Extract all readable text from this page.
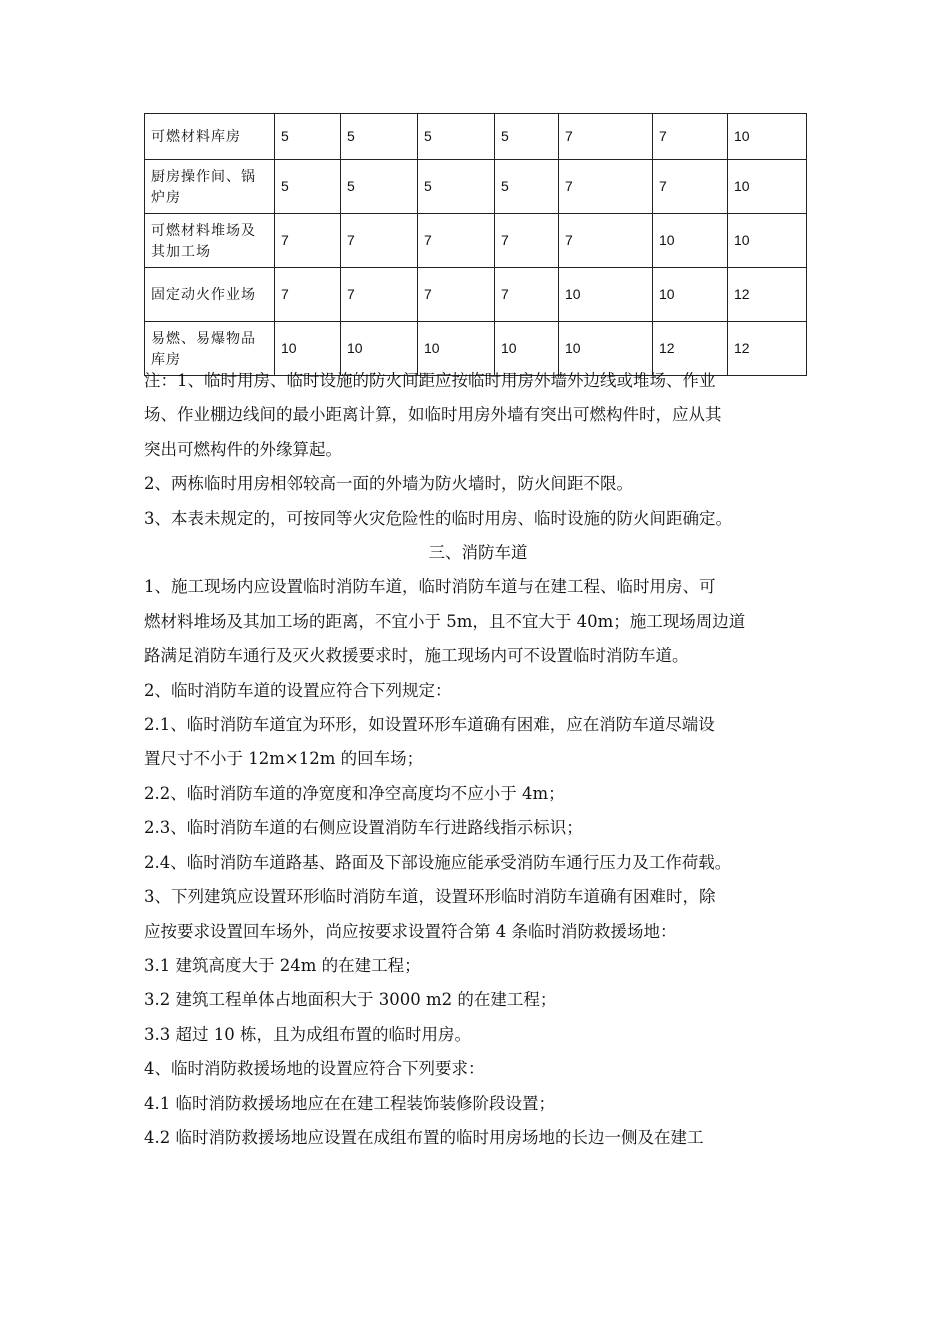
可燃材料库房	5	5	5	5	7	7	10
厨房操作间、锅炉房	5	5	5	5	7	7	10
可燃材料堆场及其加工场	7	7	7	7	7	10	10
固定动火作业场	7	7	7	7	10	10	12
易燃、易爆物品库房	10	10	10	10	10	12	12

注：1、临时用房、临时设施的防火间距应按临时用房外墙外边线或堆场、作业

场、作业棚边线间的最小距离计算，如临时用房外墙有突出可燃构件时，应从其

突出可燃构件的外缘算起。

2、两栋临时用房相邻较高一面的外墙为防火墙时，防火间距不限。

3、本表未规定的，可按同等火灾危险性的临时用房、临时设施的防火间距确定。

三、消防车道

1、施工现场内应设置临时消防车道，临时消防车道与在建工程、临时用房、可

燃材料堆场及其加工场的距离，不宜小于 5m，且不宜大于 40m；施工现场周边道

路满足消防车通行及灭火救援要求时，施工现场内可不设置临时消防车道。

2、临时消防车道的设置应符合下列规定：

2.1、临时消防车道宜为环形，如设置环形车道确有困难，应在消防车道尽端设

置尺寸不小于 12m×12m 的回车场；

2.2、临时消防车道的净宽度和净空高度均不应小于 4m；

2.3、临时消防车道的右侧应设置消防车行进路线指示标识；

2.4、临时消防车道路基、路面及下部设施应能承受消防车通行压力及工作荷载。

3、下列建筑应设置环形临时消防车道，设置环形临时消防车道确有困难时，除

应按要求设置回车场外，尚应按要求设置符合第 4 条临时消防救援场地：

3.1 建筑高度大于 24m 的在建工程；

3.2 建筑工程单体占地面积大于 3000 m2 的在建工程；

3.3 超过 10 栋，且为成组布置的临时用房。

4、临时消防救援场地的设置应符合下列要求：

4.1 临时消防救援场地应在在建工程装饰装修阶段设置；

4.2 临时消防救援场地应设置在成组布置的临时用房场地的长边一侧及在建工
